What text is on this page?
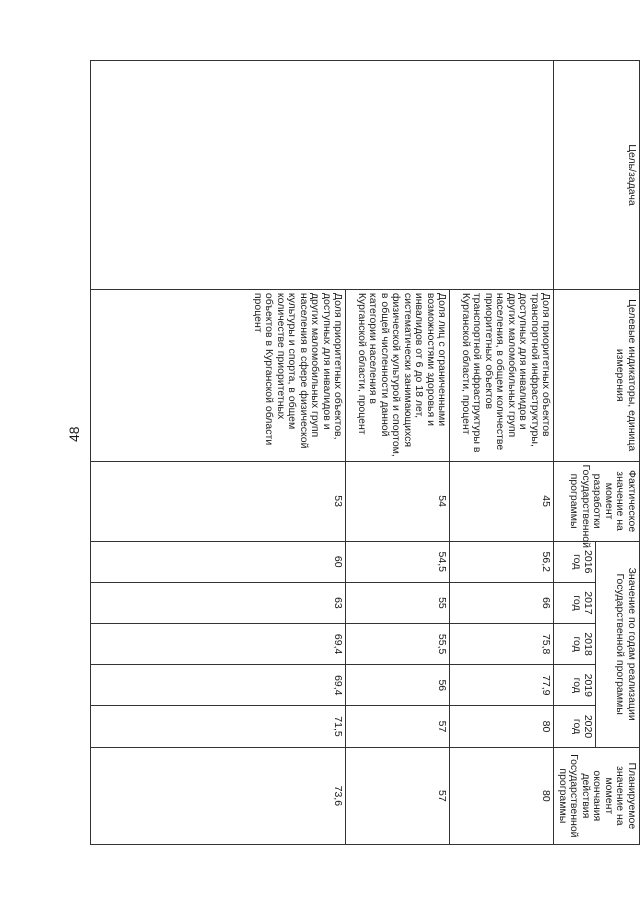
48
Цель/задача	Целевые индикаторы, единица измерения	Фактическое значение на момент разработки Государственной программы	Значение по годам реализации Государственной программы					Планируемое значение на момент окончания действия Государственной программы
			2016 год	2017 год	2018 год	2019 год	2020 год	
	Доля приоритетных объектов транспортной инфраструктуры, доступных для инвалидов и других маломобильных групп населения, в общем количестве приоритетных объектов транспортной инфраструктуры в Курганской области, процент	45	56,2	66	75,8	77,9	80	80
	Доля лиц с ограниченными возможностями здоровья и инвалидов от 6 до 18 лет, систематически занимающихся физической культурой и спортом, в общей численности данной категории населения в Курганской области, процент	54	54,5	55	55,5	56	57	57
	Доля приоритетных объектов, доступных для инвалидов и других маломобильных групп населения в сфере физической культуры и спорта, в общем количестве приоритетных объектов в Курганской области процент	53	60	63	69,4	69,4	71,5	73,6
